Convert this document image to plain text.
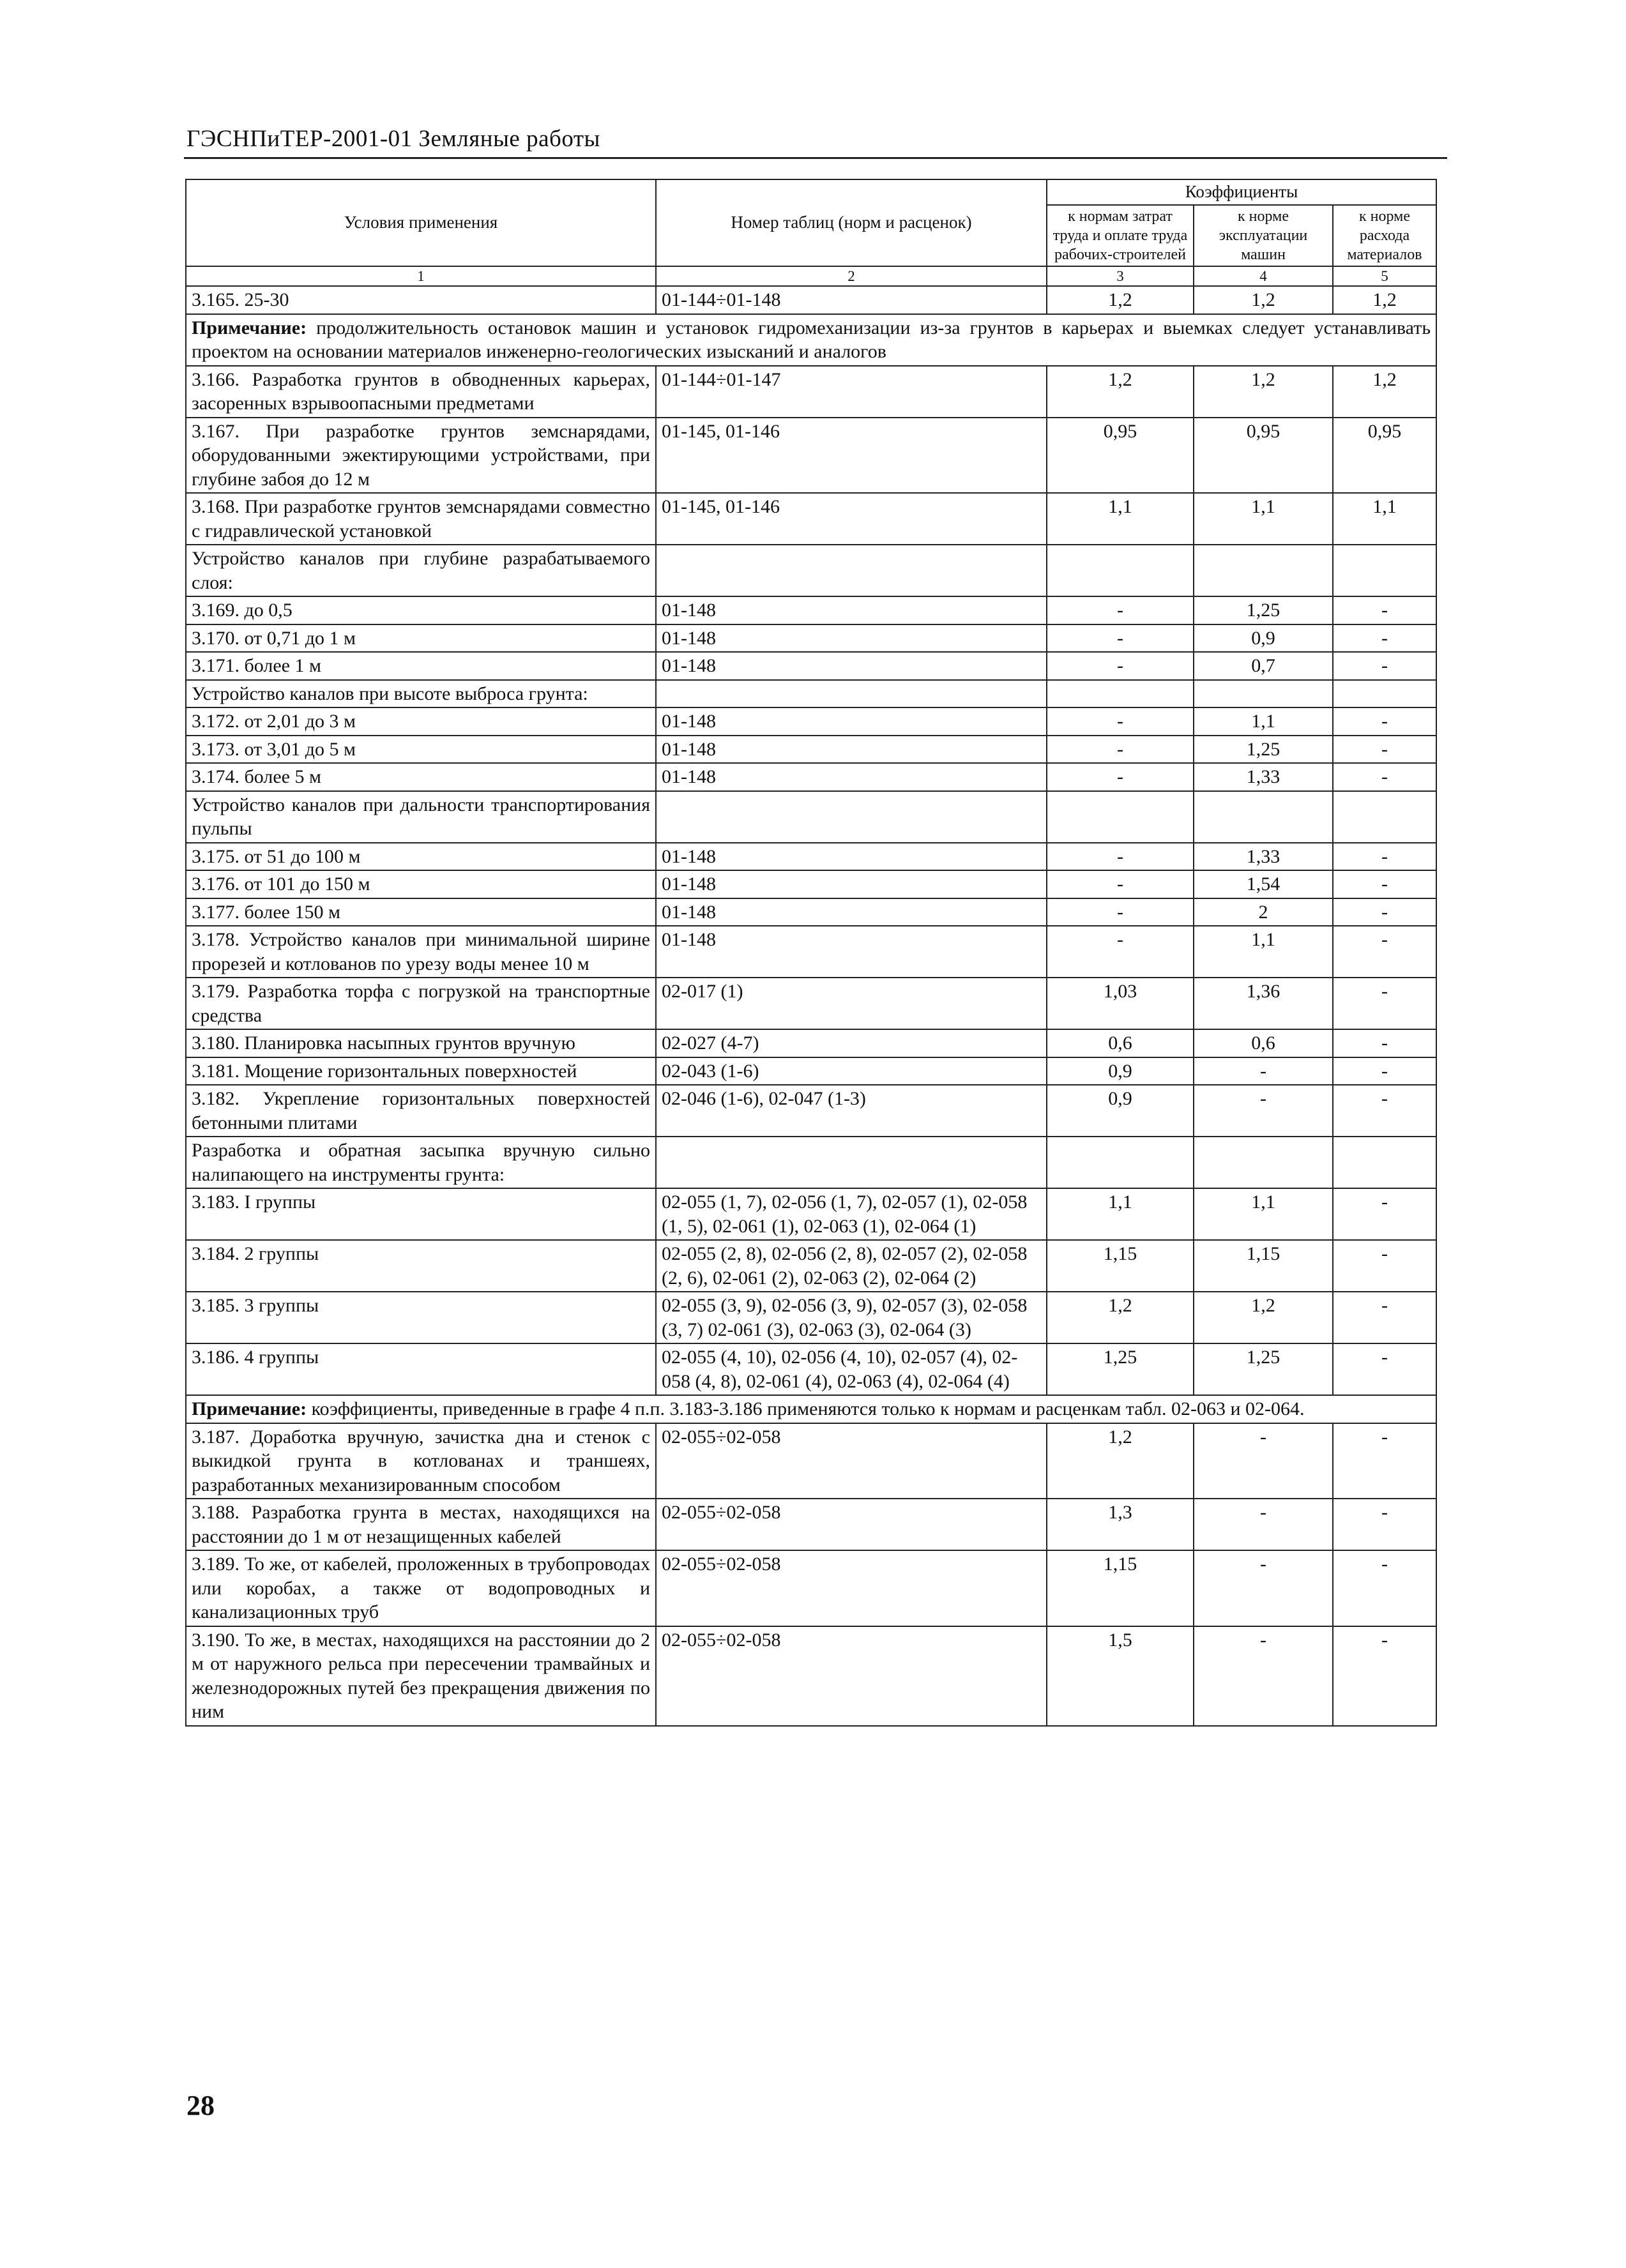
ГЭСНПиТЕР-2001-01 Земляные работы
Условия применения	Номер таблиц (норм и расценок)	Коэффициенты		
		к нормам затрат труда и оплате труда рабочих-строителей	к норме эксплуатации машин	к норме расхода материалов
1	2	3	4	5
3.165. 25-30	01-144÷01-148	1,2	1,2	1,2
Примечание: продолжительность остановок машин и установок гидромеханизации из-за грунтов в карьерах и выемках следует устанавливать проектом на основании материалов инженерно-геологических изысканий и аналогов				
3.166. Разработка грунтов в обводненных карьерах, засоренных взрывоопасными предметами	01-144÷01-147	1,2	1,2	1,2
3.167. При разработке грунтов земснарядами, оборудованными эжектирующими устройствами, при глубине забоя до 12 м	01-145, 01-146	0,95	0,95	0,95
3.168. При разработке грунтов земснарядами совместно с гидравлической установкой	01-145, 01-146	1,1	1,1	1,1
Устройство каналов при глубине разрабатываемого слоя:				
3.169. до 0,5	01-148	-	1,25	-
3.170. от 0,71 до 1 м	01-148	-	0,9	-
3.171. более 1 м	01-148	-	0,7	-
Устройство каналов при высоте выброса грунта:				
3.172. от 2,01 до 3 м	01-148	-	1,1	-
3.173. от 3,01 до 5 м	01-148	-	1,25	-
3.174. более 5 м	01-148	-	1,33	-
Устройство каналов при дальности транспортирования пульпы				
3.175. от 51 до 100 м	01-148	-	1,33	-
3.176. от 101 до 150 м	01-148	-	1,54	-
3.177. более 150 м	01-148	-	2	-
3.178. Устройство каналов при минимальной ширине прорезей и котлованов по урезу воды менее 10 м	01-148	-	1,1	-
3.179. Разработка торфа с погрузкой на транспортные средства	02-017 (1)	1,03	1,36	-
3.180. Планировка насыпных грунтов вручную	02-027 (4-7)	0,6	0,6	-
3.181. Мощение горизонтальных поверхностей	02-043 (1-6)	0,9	-	-
3.182. Укрепление горизонтальных поверхностей бетонными плитами	02-046 (1-6), 02-047 (1-3)	0,9	-	-
Разработка и обратная засыпка вручную сильно налипающего на инструменты грунта:				
3.183. I группы	02-055 (1, 7), 02-056 (1, 7), 02-057 (1), 02-058 (1, 5), 02-061 (1), 02-063 (1), 02-064 (1)	1,1	1,1	-
3.184. 2 группы	02-055 (2, 8), 02-056 (2, 8), 02-057 (2), 02-058 (2, 6), 02-061 (2), 02-063 (2), 02-064 (2)	1,15	1,15	-
3.185. 3 группы	02-055 (3, 9), 02-056 (3, 9), 02-057 (3), 02-058 (3, 7) 02-061 (3), 02-063 (3), 02-064 (3)	1,2	1,2	-
3.186. 4 группы	02-055 (4, 10), 02-056 (4, 10), 02-057 (4), 02-058 (4, 8), 02-061 (4), 02-063 (4), 02-064 (4)	1,25	1,25	-
Примечание: коэффициенты, приведенные в графе 4 п.п. 3.183-3.186 применяются только к нормам и расценкам табл. 02-063 и 02-064.				
3.187. Доработка вручную, зачистка дна и стенок с выкидкой грунта в котлованах и траншеях, разработанных механизированным способом	02-055÷02-058	1,2	-	-
3.188. Разработка грунта в местах, находящихся на расстоянии до 1 м от незащищенных кабелей	02-055÷02-058	1,3	-	-
3.189. То же, от кабелей, проложенных в трубопроводах или коробах, а также от водопроводных и канализационных труб	02-055÷02-058	1,15	-	-
3.190. То же, в местах, находящихся на расстоянии до 2 м от наружного рельса при пересечении трамвайных и железнодорожных путей без прекращения движения по ним	02-055÷02-058	1,5	-	-
28
